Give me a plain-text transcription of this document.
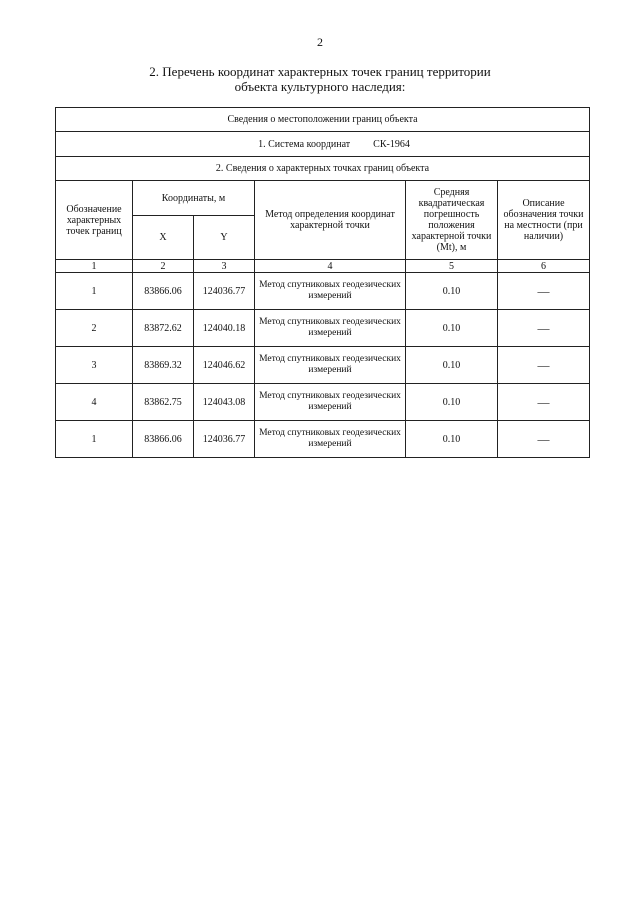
2
2. Перечень координат характерных точек границ территории
объекта культурного наследия:
Сведения о местоположении границ объекта					
1. Система координат СК-1964					
2. Сведения о характерных точках границ объекта					
Обозначение характерных точек границ	Координаты, м		Метод определения координат характерной точки	Средняя квадратическая погрешность положения характерной точки (Mt), м	Описание обозначения точки на местности (при наличии)
	X	Y			
1	2	3	4	5	6
1	83866.06	124036.77	Метод спутниковых геодезических измерений	0.10	—
2	83872.62	124040.18	Метод спутниковых геодезических измерений	0.10	—
3	83869.32	124046.62	Метод спутниковых геодезических измерений	0.10	—
4	83862.75	124043.08	Метод спутниковых геодезических измерений	0.10	—
1	83866.06	124036.77	Метод спутниковых геодезических измерений	0.10	—
